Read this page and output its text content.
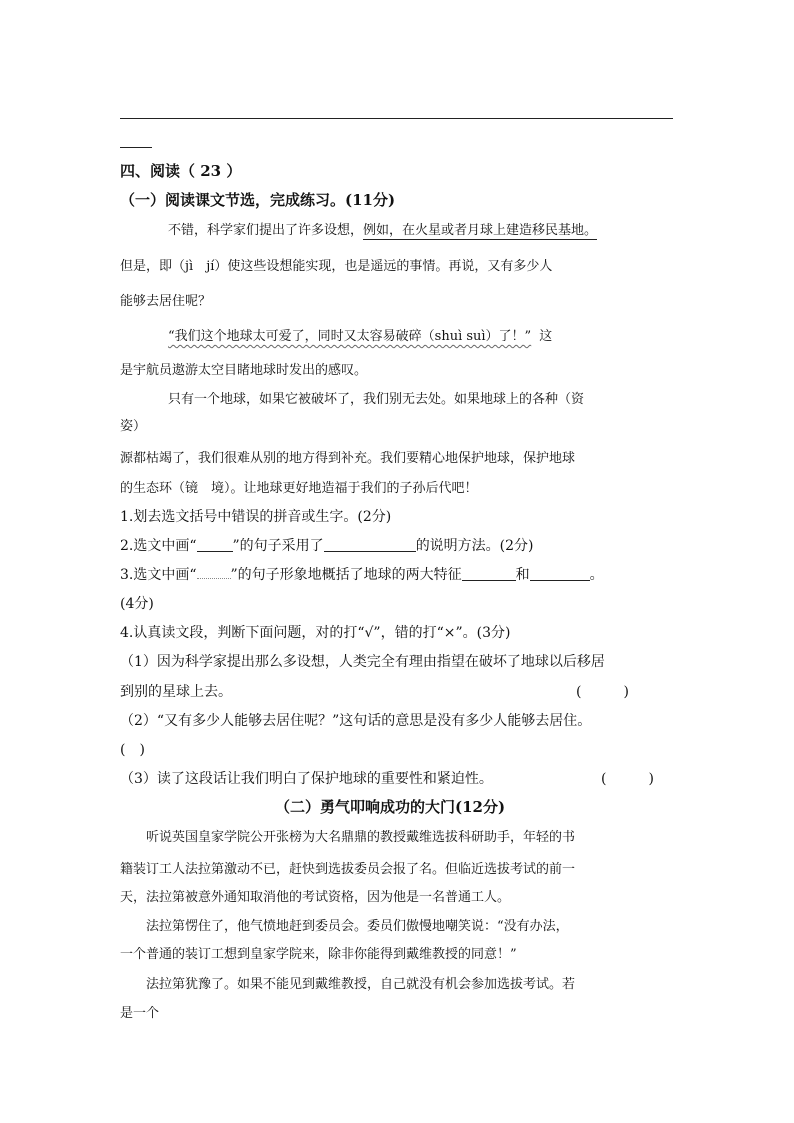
四、阅读（ 23 ）
（一）阅读课文节选，完成练习。(11分)
不错，科学家们提出了许多设想，例如，在火星或者月球上建造移民基地。
但是，即（jì　jí）使这些设想能实现，也是遥远的事情。再说，又有多少人
能够去居住呢？
“我们这个地球太可爱了，同时又太容易破碎（shuì suì）了！” 这
是宇航员遨游太空目睹地球时发出的感叹。
只有一个地球，如果它被破坏了，我们别无去处。如果地球上的各种（资
姿）
源都枯竭了，我们很难从别的地方得到补充。我们要精心地保护地球，保护地球
的生态环（镜　境）。让地球更好地造福于我们的子孙后代吧！
1.划去选文括号中错误的拼音或生字。(2分)
2.选文中画“	”的句子采用了	的说明方法。(2分)
3.选文中画“ ”的句子形象地概括了地球的两大特征	和	。
(4分)
4.认真读文段，判断下面问题，对的打“√”，错的打“×”。(3分)
（1）因为科学家提出那么多设想，人类完全有理由指望在破坏了地球以后移居
到别的星球上去。	(　　　)
（2）“又有多少人能够去居住呢？”这句话的意思是没有多少人能够去居住。
(　)
（3）读了这段话让我们明白了保护地球的重要性和紧迫性。	(　　　)
（二）勇气叩响成功的大门(12分)
听说英国皇家学院公开张榜为大名鼎鼎的教授戴维选拔科研助手，年轻的书
籍装订工人法拉第激动不已，赶快到选拔委员会报了名。但临近选拔考试的前一
天，法拉第被意外通知取消他的考试资格，因为他是一名普通工人。
法拉第愣住了，他气愤地赶到委员会。委员们傲慢地嘲笑说：“没有办法，
一个普通的装订工想到皇家学院来，除非你能得到戴维教授的同意！”
法拉第犹豫了。如果不能见到戴维教授，自己就没有机会参加选拔考试。若
是一个
